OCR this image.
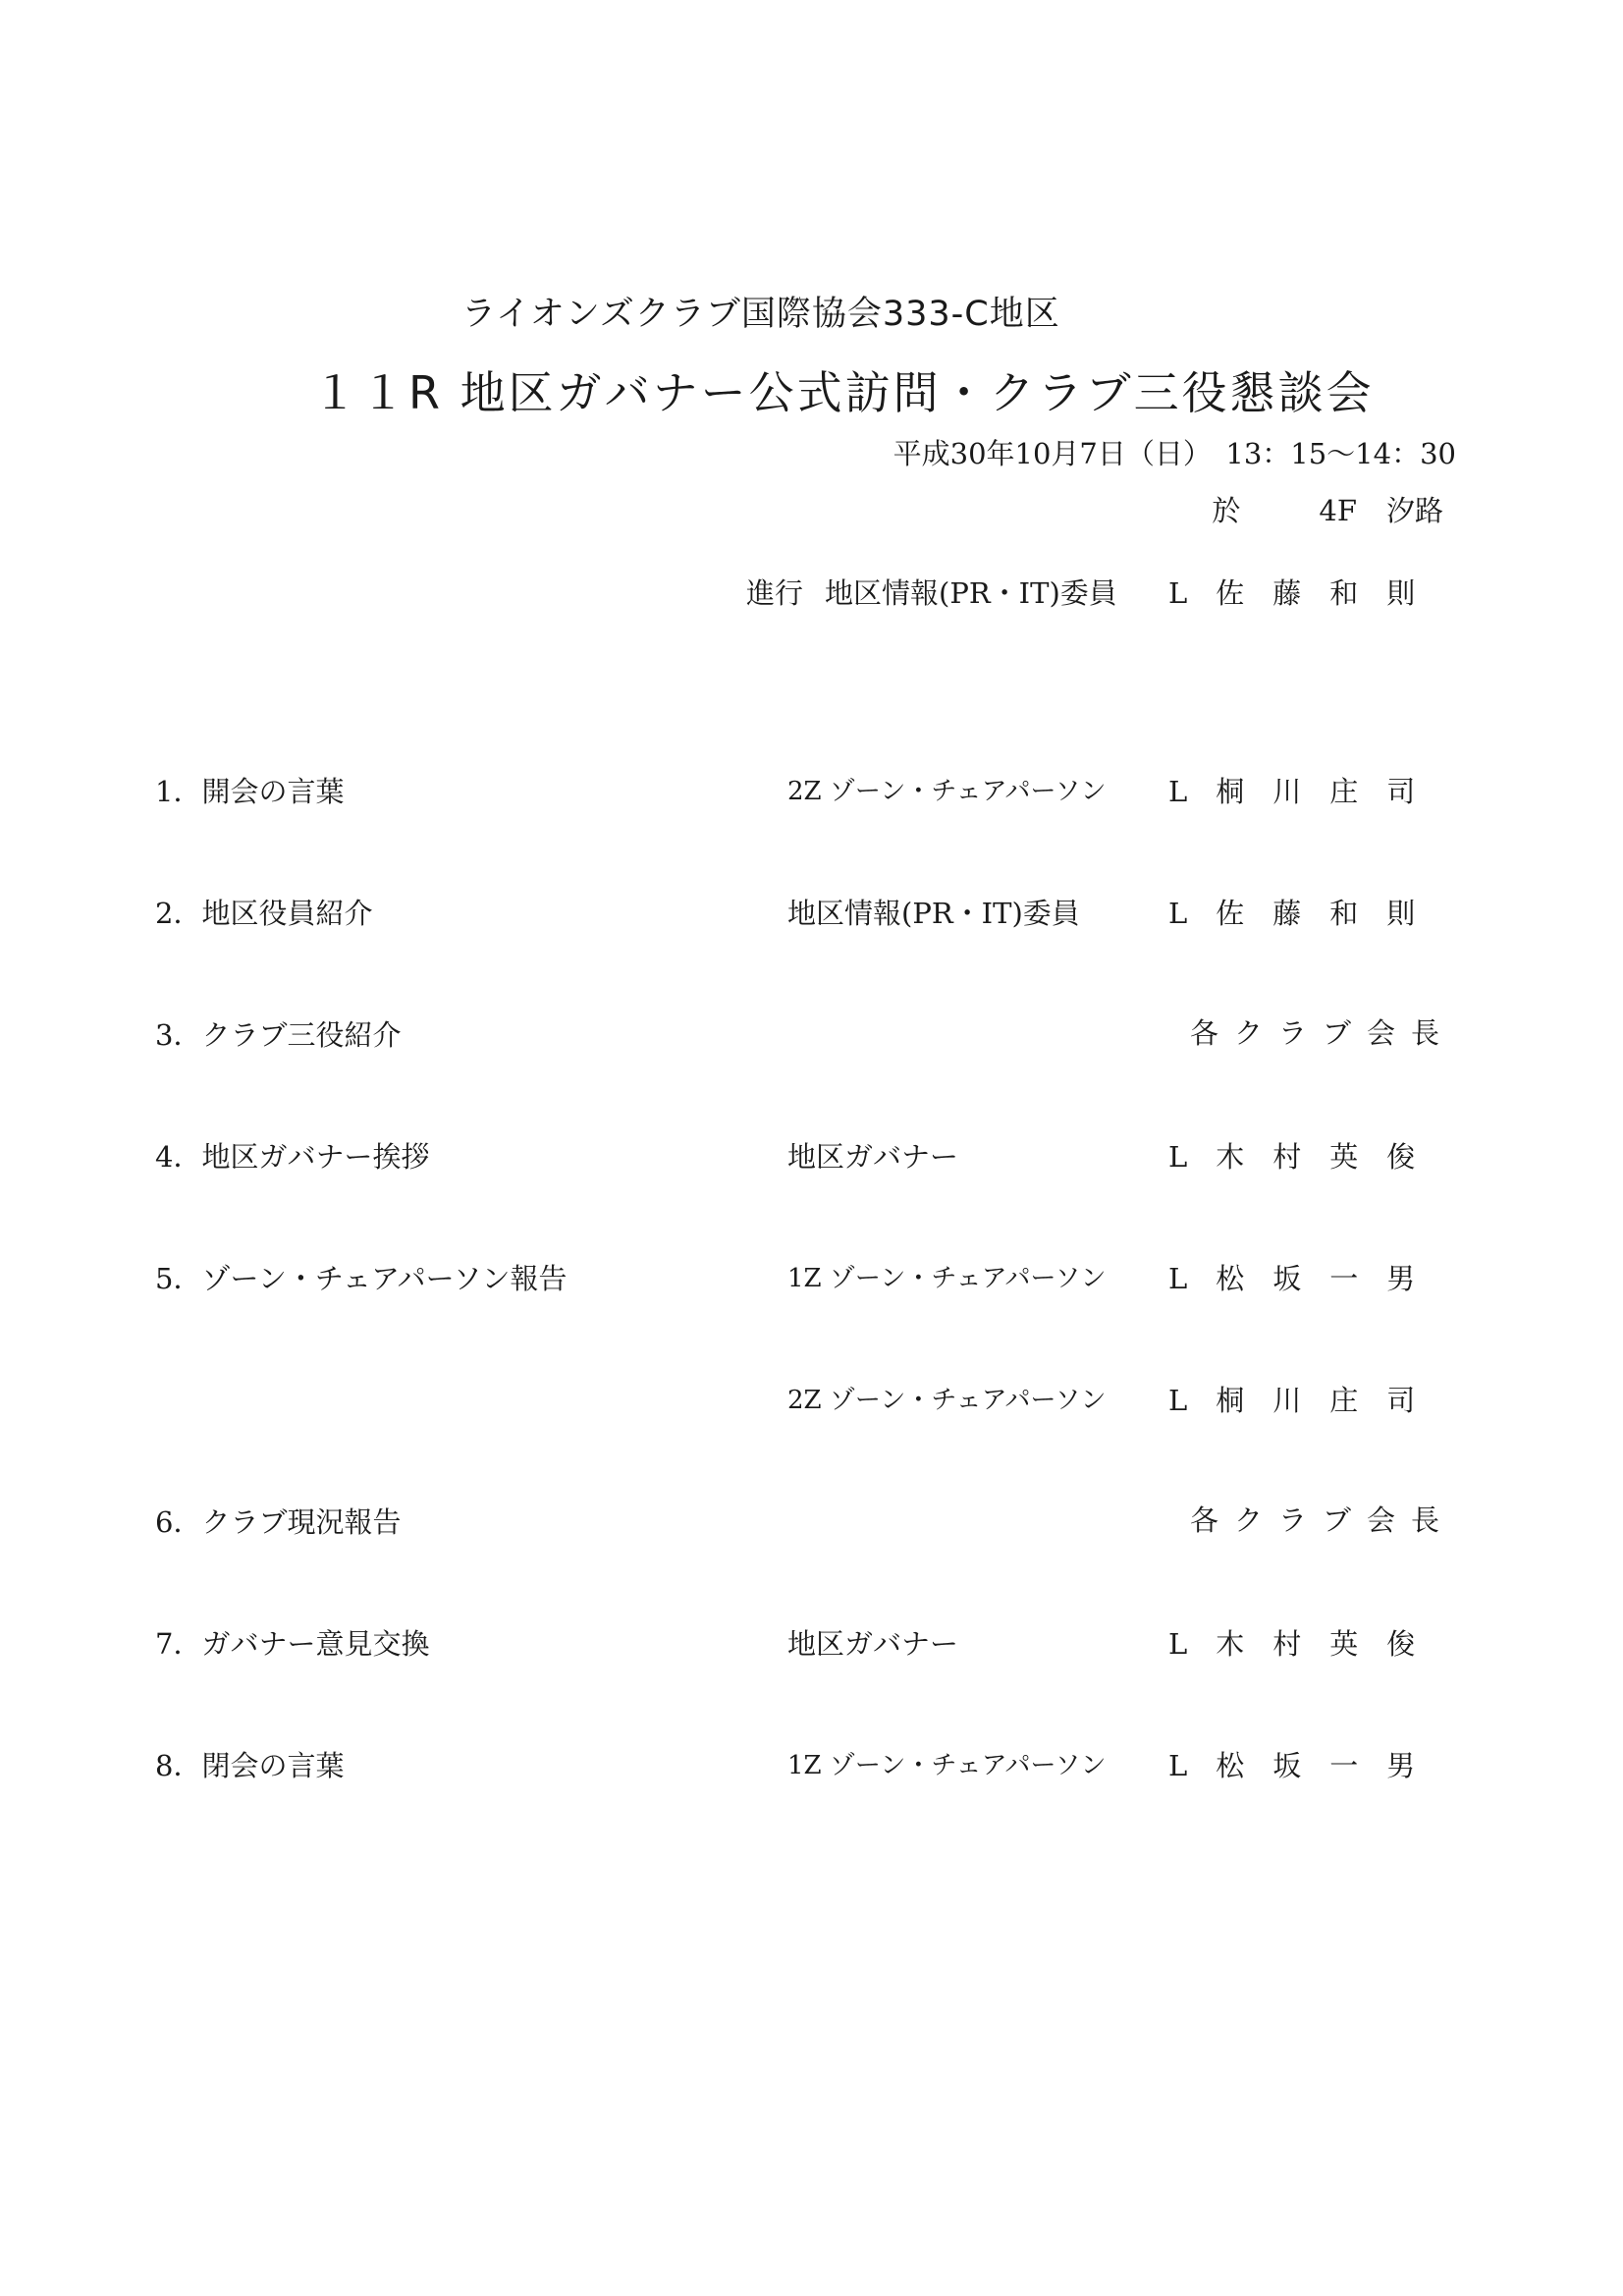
ライオンズクラブ国際協会333-C地区
１１R 地区ガバナー公式訪問・クラブ三役懇談会
平成30年10月7日（日）　13：15～14：30
於	4F 汐路
進行 地区情報(PR・IT)委員 L佐藤和則
1．開会の言葉	2Z ゾーン・チェアパーソン L桐川庄司
2．地区役員紹介	地区情報(PR・IT)委員	L佐藤和則
3．クラブ三役紹介	各クラブ会長
4．地区ガバナー挨拶	地区ガバナー	L木村英俊
5．ゾーン・チェアパーソン報告	1Z ゾーン・チェアパーソン L松坂一男
2Z ゾーン・チェアパーソン L桐川庄司
6．クラブ現況報告	各クラブ会長
7．ガバナー意見交換	地区ガバナー	L木村英俊
8．閉会の言葉	1Z ゾーン・チェアパーソン L松坂一男
